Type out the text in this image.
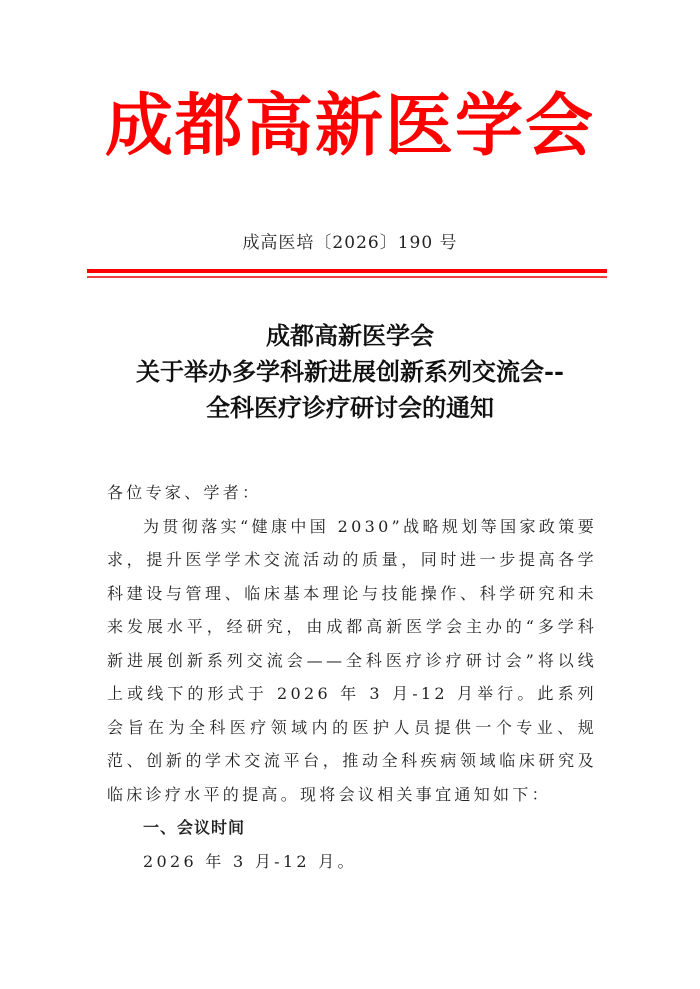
成都高新医学会
成高医培〔2026〕190 号
成都高新医学会
关于举办多学科新进展创新系列交流会--
全科医疗诊疗研讨会的通知

各位专家、学者：

为贯彻落实“健康中国 2030”战略规划等国家政策要求，提升医学学术交流活动的质量，同时进一步提高各学科建设与管理、临床基本理论与技能操作、科学研究和未来发展水平，经研究，由成都高新医学会主办的“多学科新进展创新系列交流会——全科医疗诊疗研讨会”将以线上或线下的形式于 2026 年 3 月-12 月举行。此系列会旨在为全科医疗领域内的医护人员提供一个专业、规范、创新的学术交流平台，推动全科疾病领域临床研究及临床诊疗水平的提高。现将会议相关事宜通知如下：

一、会议时间

2026 年 3 月-12 月。
